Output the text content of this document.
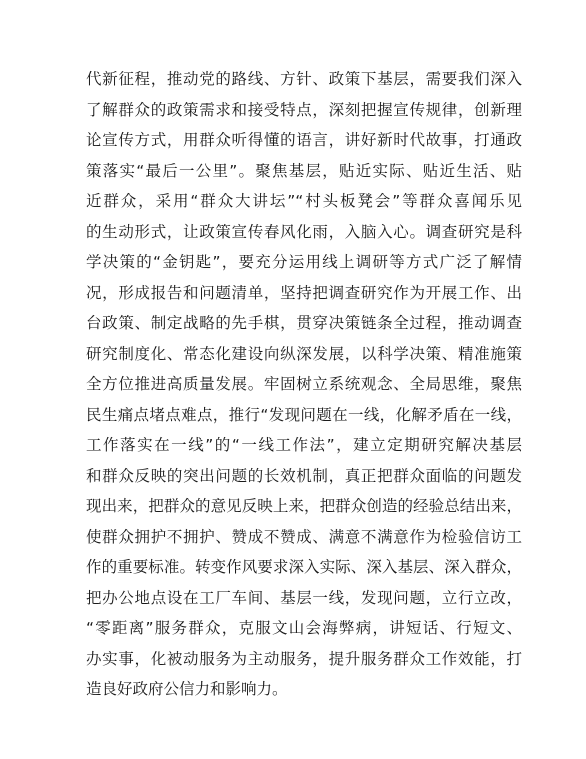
代新征程，推动党的路线、方针、政策下基层，需要我们深入
了解群众的政策需求和接受特点，深刻把握宣传规律，创新理
论宣传方式，用群众听得懂的语言，讲好新时代故事，打通政
策落实“最后一公里”。聚焦基层，贴近实际、贴近生活、贴
近群众，采用“群众大讲坛”“村头板凳会”等群众喜闻乐见
的生动形式，让政策宣传春风化雨，入脑入心。调查研究是科
学决策的“金钥匙”，要充分运用线上调研等方式广泛了解情
况，形成报告和问题清单，坚持把调查研究作为开展工作、出
台政策、制定战略的先手棋，贯穿决策链条全过程，推动调查
研究制度化、常态化建设向纵深发展，以科学决策、精准施策
全方位推进高质量发展。牢固树立系统观念、全局思维，聚焦
民生痛点堵点难点，推行“发现问题在一线，化解矛盾在一线，
工作落实在一线”的“一线工作法”，建立定期研究解决基层
和群众反映的突出问题的长效机制，真正把群众面临的问题发
现出来，把群众的意见反映上来，把群众创造的经验总结出来，
使群众拥护不拥护、赞成不赞成、满意不满意作为检验信访工
作的重要标准。转变作风要求深入实际、深入基层、深入群众，
把办公地点设在工厂车间、基层一线，发现问题，立行立改，
“零距离”服务群众，克服文山会海弊病，讲短话、行短文、
办实事，化被动服务为主动服务，提升服务群众工作效能，打
造良好政府公信力和影响力。
